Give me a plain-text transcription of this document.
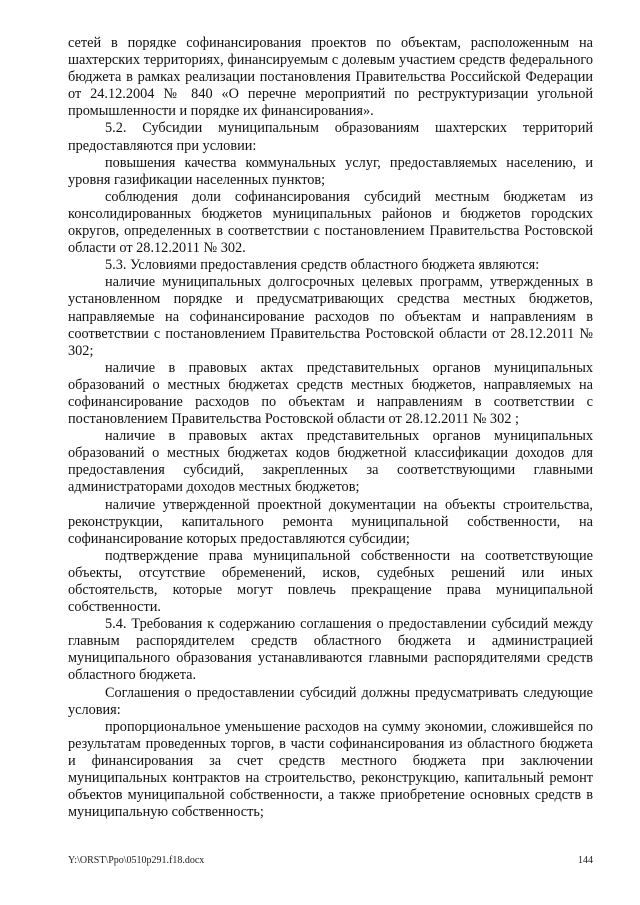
сетей в порядке софинансирования проектов по объектам, расположенным на шахтерских территориях, финансируемым с долевым участием средств федерального бюджета в рамках реализации постановления Правительства Российской Федерации от 24.12.2004 № 840 «О перечне мероприятий по реструктуризации угольной промышленности и порядке их финансирования».

5.2. Субсидии муниципальным образованиям шахтерских территорий предоставляются при условии:

повышения качества коммунальных услуг, предоставляемых населению, и уровня газификации населенных пунктов;

соблюдения доли софинансирования субсидий местным бюджетам из консолидированных бюджетов муниципальных районов и бюджетов городских округов, определенных в соответствии с постановлением Правительства Ростовской области от 28.12.2011 № 302.

5.3. Условиями предоставления средств областного бюджета являются:

наличие муниципальных долгосрочных целевых программ, утвержденных в установленном порядке и предусматривающих средства местных бюджетов, направляемые на софинансирование расходов по объектам и направлениям в соответствии с постановлением Правительства Ростовской области от 28.12.2011 № 302;

наличие в правовых актах представительных органов муниципальных образований о местных бюджетах средств местных бюджетов, направляемых на софинансирование расходов по объектам и направлениям в соответствии с постановлением Правительства Ростовской области от 28.12.2011 № 302 ;

наличие в правовых актах представительных органов муниципальных образований о местных бюджетах кодов бюджетной классификации доходов для предоставления субсидий, закрепленных за соответствующими главными администраторами доходов местных бюджетов;

наличие утвержденной проектной документации на объекты строительства, реконструкции, капитального ремонта муниципальной собственности, на софинансирование которых предоставляются субсидии;

подтверждение права муниципальной собственности на соответствующие объекты, отсутствие обременений, исков, судебных решений или иных обстоятельств, которые могут повлечь прекращение права муниципальной собственности.

5.4. Требования к содержанию соглашения о предоставлении субсидий между главным распорядителем средств областного бюджета и администрацией муниципального образования устанавливаются главными распорядителями средств областного бюджета.

Соглашения о предоставлении субсидий должны предусматривать следующие условия:

пропорциональное уменьшение расходов на сумму экономии, сложившейся по результатам проведенных торгов, в части софинансирования из областного бюджета и финансирования за счет средств местного бюджета при заключении муниципальных контрактов на строительство, реконструкцию, капитальный ремонт объектов муниципальной собственности, а также приобретение основных средств в муниципальную собственность;

Y:\ORST\Ppo\0510p291.f18.docx	144
